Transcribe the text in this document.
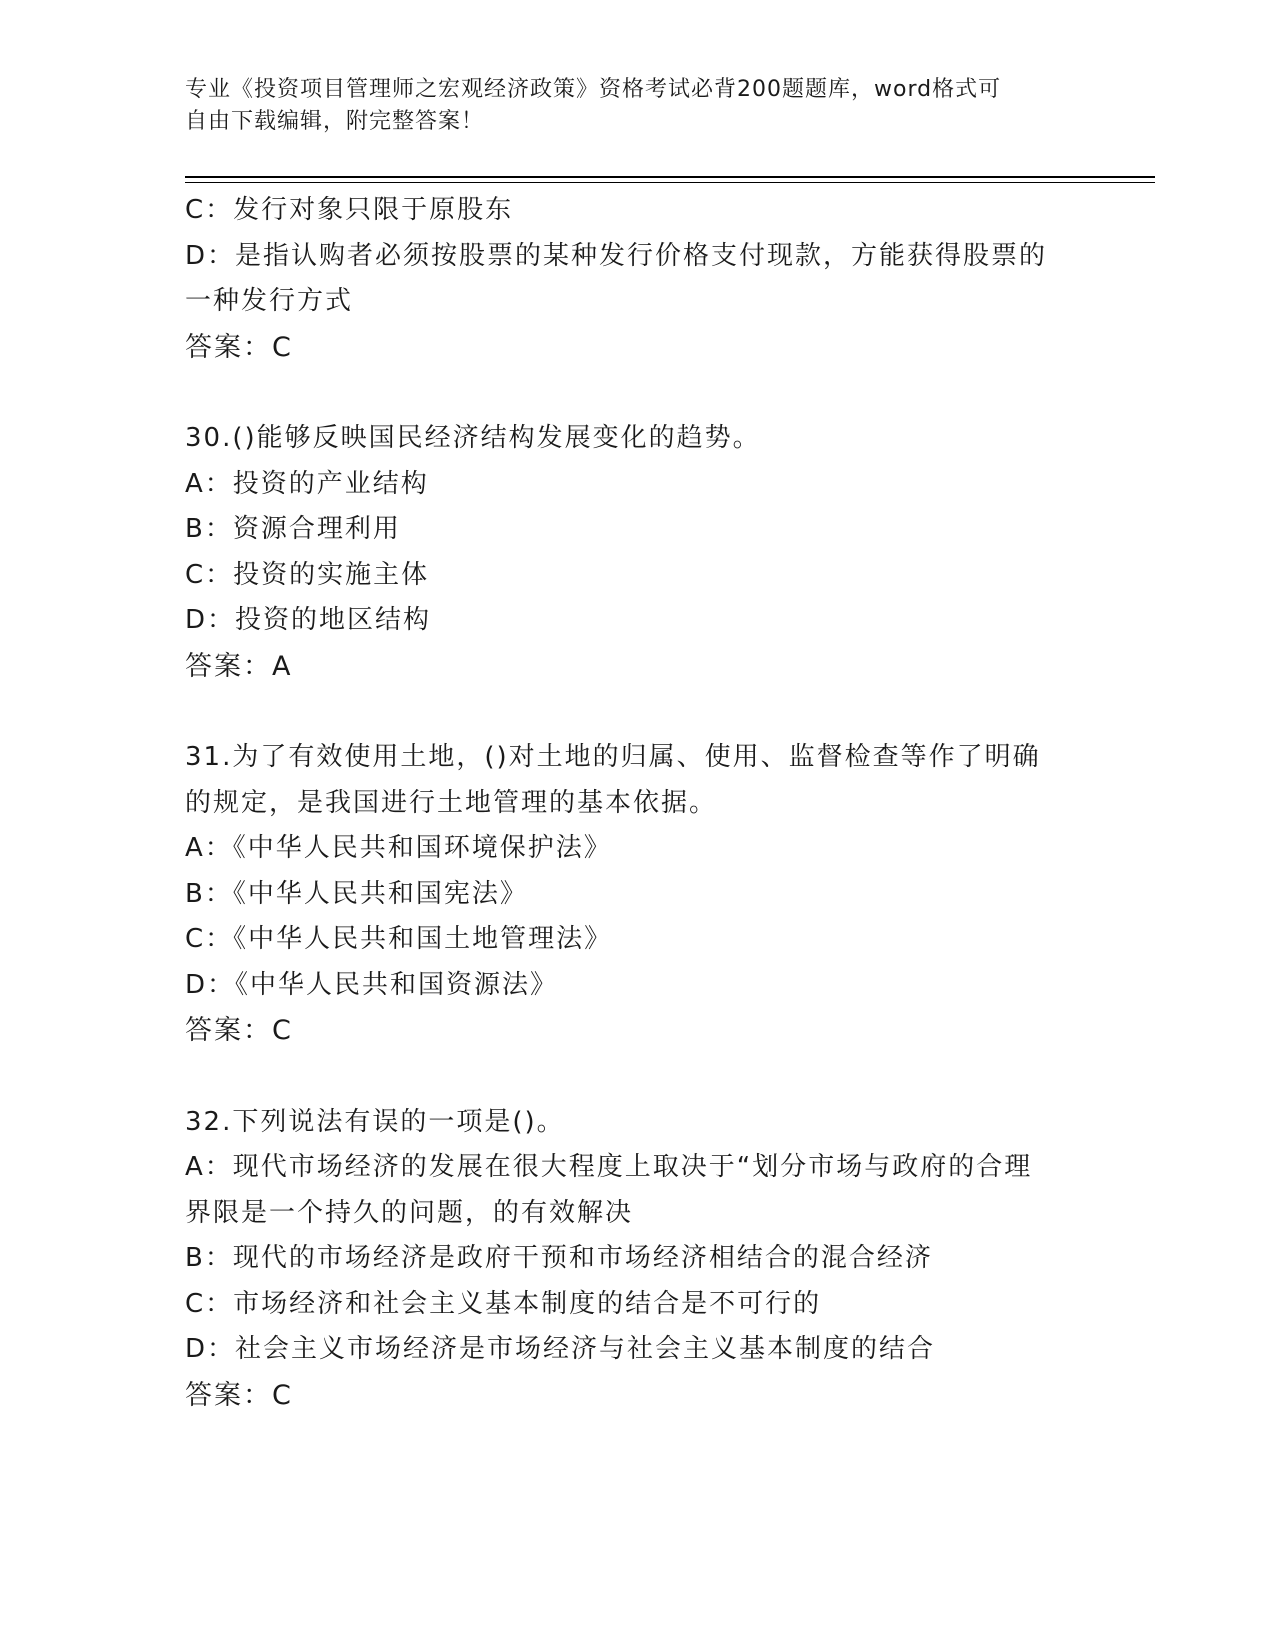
专业《投资项目管理师之宏观经济政策》资格考试必背200题题库，word格式可
自由下载编辑，附完整答案！
C：发行对象只限于原股东
D：是指认购者必须按股票的某种发行价格支付现款，方能获得股票的
一种发行方式
答案：C
30.()能够反映国民经济结构发展变化的趋势。
A：投资的产业结构
B：资源合理利用
C：投资的实施主体
D：投资的地区结构
答案：A
31.为了有效使用土地，()对土地的归属、使用、监督检查等作了明确
的规定，是我国进行土地管理的基本依据。
A：《中华人民共和国环境保护法》
B：《中华人民共和国宪法》
C：《中华人民共和国土地管理法》
D：《中华人民共和国资源法》
答案：C
32.下列说法有误的一项是()。
A：现代市场经济的发展在很大程度上取决于“划分市场与政府的合理
界限是一个持久的问题，的有效解决
B：现代的市场经济是政府干预和市场经济相结合的混合经济
C：市场经济和社会主义基本制度的结合是不可行的
D：社会主义市场经济是市场经济与社会主义基本制度的结合
答案：C
